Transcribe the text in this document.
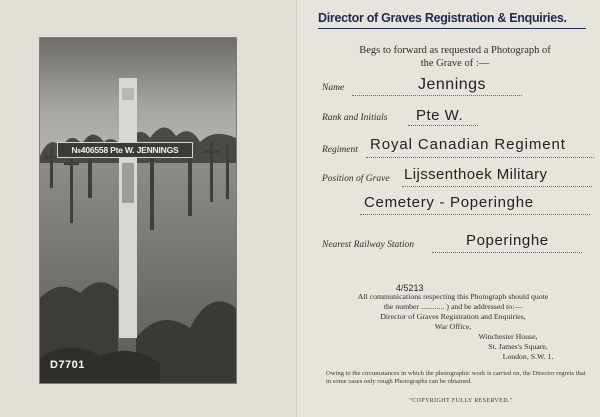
№406558 Pte W. JENNINGS
D7701
Director of Graves Registration & Enquiries.
Begs to forward as requested a Photograph of
the Grave of :—
Name	Jennings
Rank and Initials Pte W.
Regiment Royal Canadian Regiment
Position of Grave Lijssenthoek Military
Cemetery - Poperinghe
Nearest Railway Station	Poperinghe
4/5213
All communications respecting this Photograph should quote
the number ............ ) and be addressed to:—
Director of Graves Registration and Enquiries,
War Office,
Winchester House,
St. James's Square,
London, S.W. 1.
Owing to the circumstances in which the photographic work is carried on, the Director regrets that in some cases only rough Photographs can be obtained.
"COPYRIGHT FULLY RESERVED."
